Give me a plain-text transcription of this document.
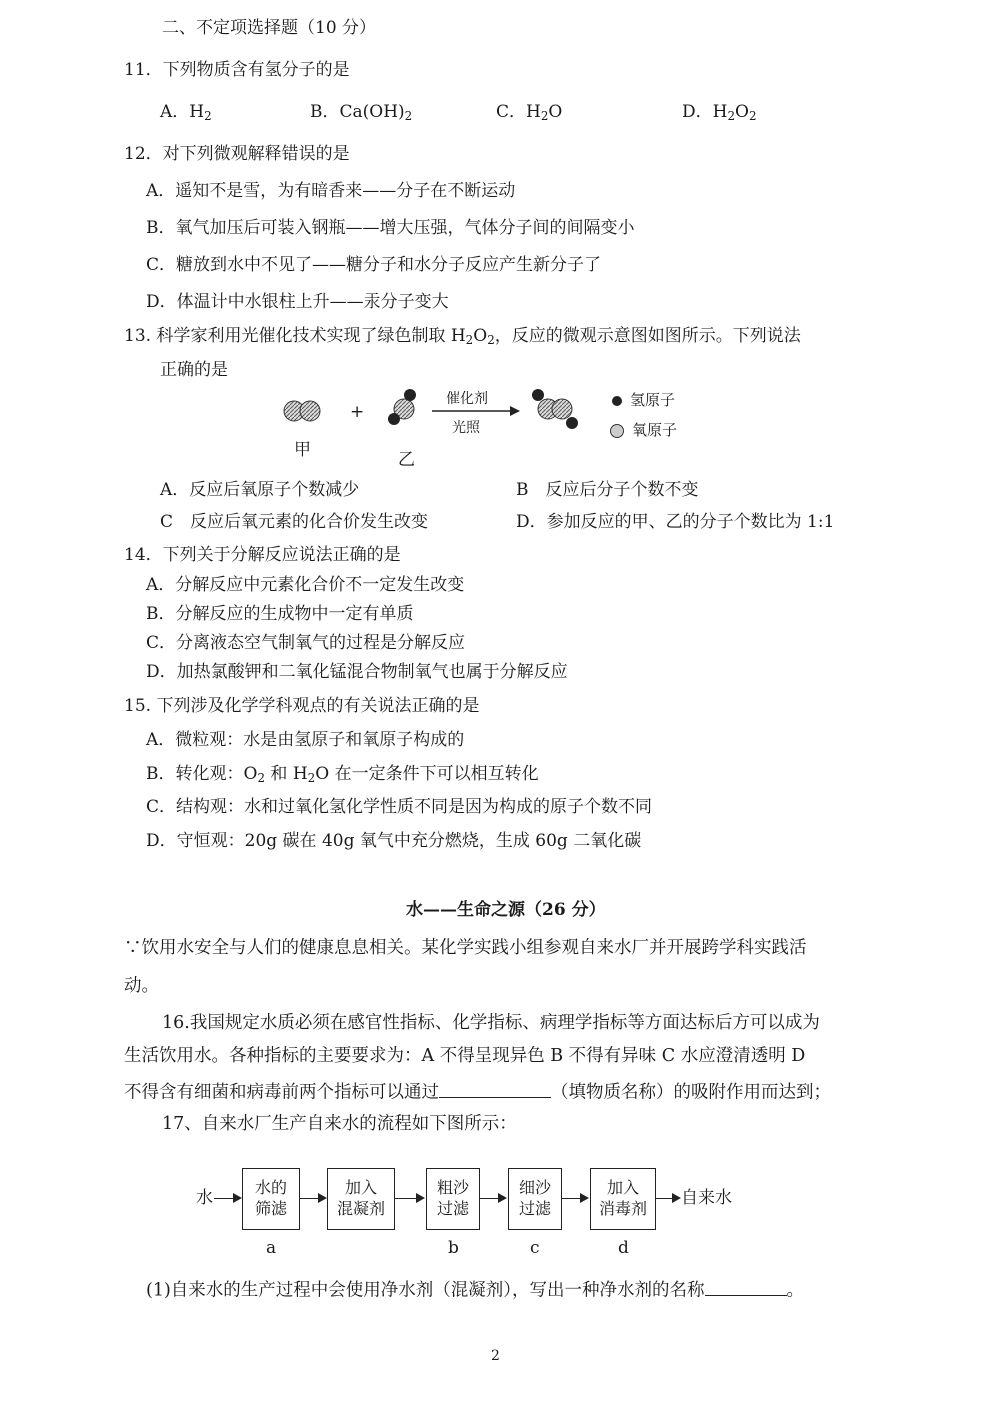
二、不定项选择题（10 分）
11．下列物质含有氢分子的是
A．$H_2$	B．$Ca(OH)_2$	C．$H_2O$	D．$H_2O_2$
12．对下列微观解释错误的是
A．遥知不是雪，为有暗香来——分子在不断运动
B．氧气加压后可装入钢瓶——增大压强，气体分子间的间隔变小
C．糖放到水中不见了——糖分子和水分子反应产生新分子了
D．体温计中水银柱上升——汞分子变大
13. 科学家利用光催化技术实现了绿色制取 $H_2O_2$，反应的微观示意图如图所示。下列说法
正确的是
+
甲	乙
催化剂
光照
氢原子
氧原子
A．反应后氧原子个数减少	B　反应后分子个数不变
C　反应后氧元素的化合价发生改变	D．参加反应的甲、乙的分子个数比为 1:1
14．下列关于分解反应说法正确的是
A．分解反应中元素化合价不一定发生改变
B．分解反应的生成物中一定有单质
C．分离液态空气制氧气的过程是分解反应
D．加热氯酸钾和二氧化锰混合物制氧气也属于分解反应
15. 下列涉及化学学科观点的有关说法正确的是
A．微粒观：水是由氢原子和氧原子构成的
B．转化观：$O_2$ 和 $H_2O$ 在一定条件下可以相互转化
C．结构观：水和过氧化氢化学性质不同是因为构成的原子个数不同
D．守恒观：20g 碳在 40g 氧气中充分燃烧，生成 60g 二氧化碳
水——生命之源（26 分）
∵饮用水安全与人们的健康息息相关。某化学实践小组参观自来水厂并开展跨学科实践活
动。
16.我国规定水质必须在感官性指标、化学指标、病理学指标等方面达标后方可以成为
生活饮用水。各种指标的主要要求为：A 不得呈现异色 B 不得有异味 C 水应澄清透明 D
不得含有细菌和病毒前两个指标可以通过	（填物质名称）的吸附作用而达到；
17、自来水厂生产自来水的流程如下图所示：
水
水的
筛滤
加入
混凝剂
粗沙
过滤
细沙
过滤
加入
消毒剂
自来水
a	b	c	d
(1)自来水的生产过程中会使用净水剂（混凝剂），写出一种净水剂的名称	。
2
